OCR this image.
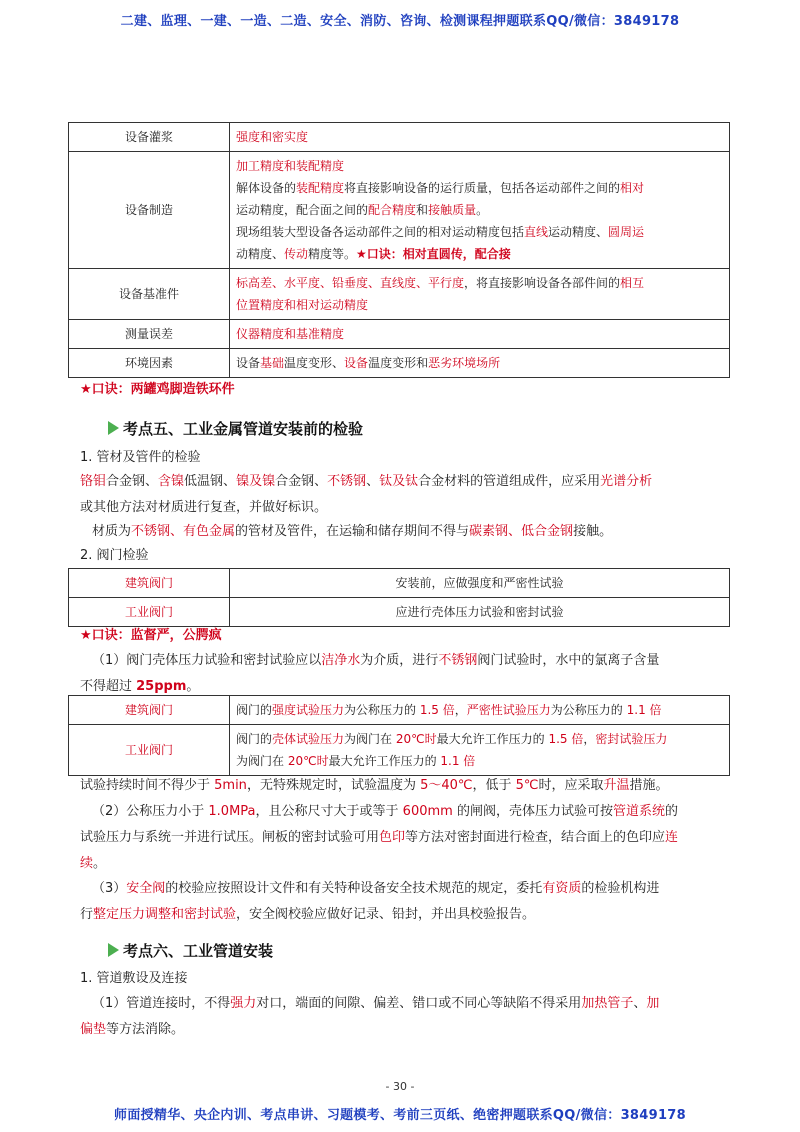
二建、监理、一建、一造、二造、安全、消防、咨询、检测课程押题联系QQ/微信：3849178
设备灌浆	强度和密实度
设备制造	加工精度和装配精度
解体设备的装配精度将直接影响设备的运行质量，包括各运动部件之间的相对
运动精度，配合面之间的配合精度和接触质量。
现场组装大型设备各运动部件之间的相对运动精度包括直线运动精度、圆周运
动精度、传动精度等。★口诀：相对直圆传，配合接

设备基准件	标高差、水平度、铅垂度、直线度、平行度，将直接影响设备各部件间的相互
位置精度和相对运动精度

测量误差	仪器精度和基准精度
环境因素	设备基础温度变形、设备温度变形和恶劣环境场所
★口诀：两罐鸡脚造铁环件
考点五、工业金属管道安装前的检验
1. 管材及管件的检验
铬钼合金钢、含镍低温钢、镍及镍合金钢、不锈钢、钛及钛合金材料的管道组成件，应采用光谱分析
或其他方法对材质进行复查，并做好标识。
材质为不锈钢、有色金属的管材及管件，在运输和储存期间不得与碳素钢、低合金钢接触。
2. 阀门检验
建筑阀门	安装前，应做强度和严密性试验
工业阀门	应进行壳体压力试验和密封试验
★口诀：监督严，公腭疯
（1）阀门壳体压力试验和密封试验应以洁净水为介质，进行不锈钢阀门试验时，水中的氯离子含量
不得超过 25ppm。
建筑阀门	阀门的强度试验压力为公称压力的 1.5 倍，严密性试验压力为公称压力的 1.1 倍
工业阀门	阀门的壳体试验压力为阀门在 20℃时最大允许工作压力的 1.5 倍，密封试验压力
为阀门在 20℃时最大允许工作压力的 1.1 倍
试验持续时间不得少于 5min，无特殊规定时，试验温度为 5～40℃，低于 5℃时，应采取升温措施。
（2）公称压力小于 1.0MPa，且公称尺寸大于或等于 600mm 的闸阀，壳体压力试验可按管道系统的
试验压力与系统一并进行试压。闸板的密封试验可用色印等方法对密封面进行检查，结合面上的色印应连
续。
（3）安全阀的校验应按照设计文件和有关特种设备安全技术规范的规定，委托有资质的检验机构进
行整定压力调整和密封试验，安全阀校验应做好记录、铅封，并出具校验报告。
考点六、工业管道安装
1. 管道敷设及连接
（1）管道连接时，不得强力对口，端面的间隙、偏差、错口或不同心等缺陷不得采用加热管子、加
偏垫等方法消除。
- 30 -
师面授精华、央企内训、考点串讲、习题模考、考前三页纸、绝密押题联系QQ/微信：3849178
